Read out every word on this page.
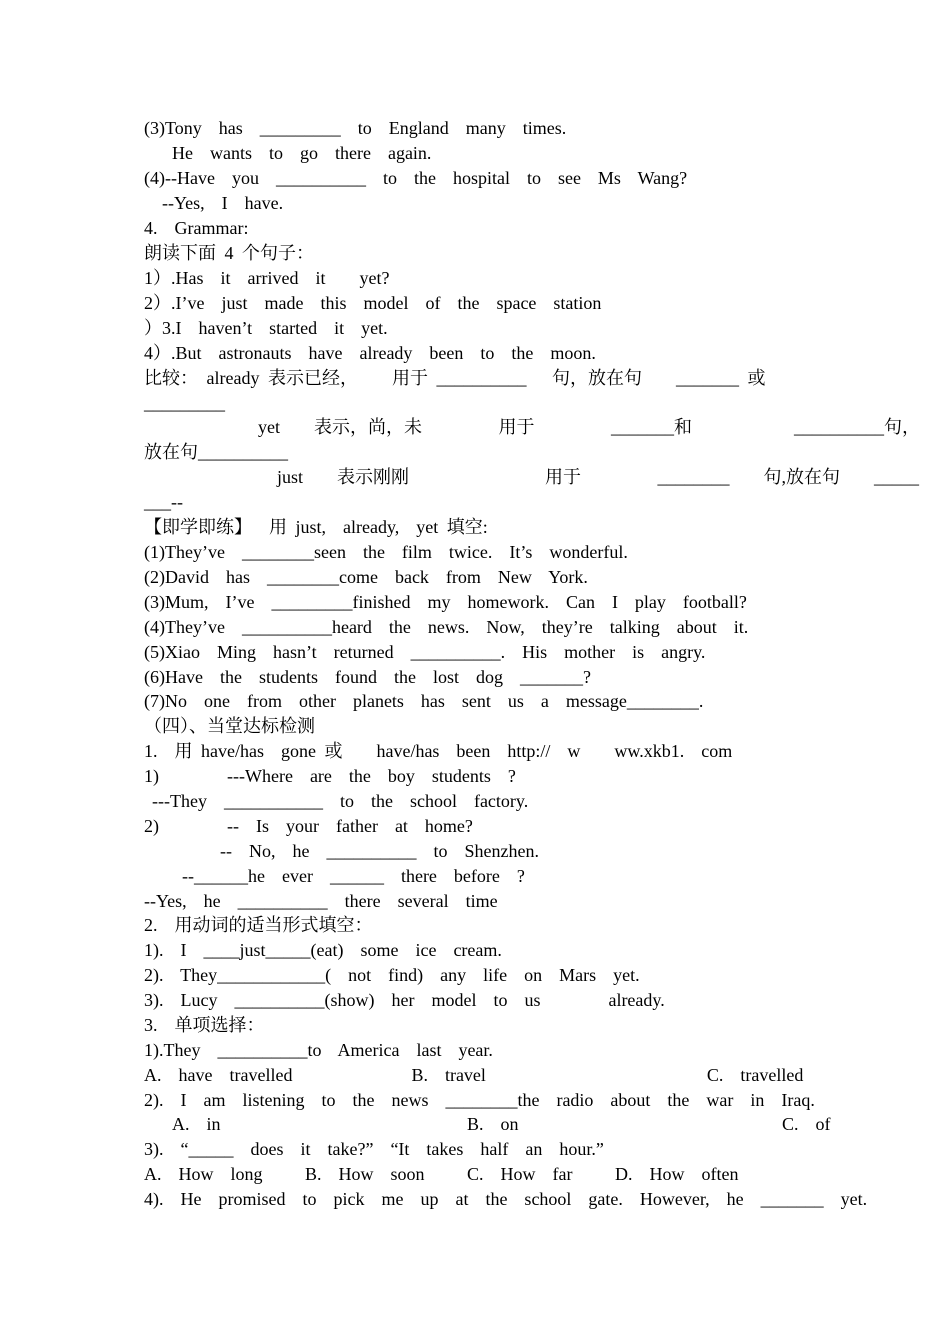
(3)Tony  has  _________  to  England  many  times.
He  wants  to  go  there  again.
(4)--Have  you  __________  to  the  hospital  to  see  Ms  Wang?
--Yes,  I  have.
4.  Grammar:
朗读下面 4 个句子：
1）.Has  it  arrived  it    yet?
2）.I’ve  just  made  this  model  of  the  space  station
）3.I  haven’t  started  it  yet.
4）.But  astronauts  have  already  been  to  the  moon.
比较： already 表示已经，    用于 __________   句，放在句    _______ 或
_________
yet    表示，尚，未         用于         _______和            __________句，
放在句__________
just    表示刚刚                用于         ________    句,放在句    _____
___--
【即学即练】  用 just,  already,  yet 填空:
(1)They’ve  ________seen  the  film  twice.  It’s  wonderful.
(2)David  has  ________come  back  from  New  York.
(3)Mum,  I’ve  _________finished  my  homework.  Can  I  play  football?
(4)They’ve  __________heard  the  news.  Now,  they’re  talking  about  it.
(5)Xiao  Ming  hasn’t  returned  __________.  His  mother  is  angry.
(6)Have  the  students  found  the  lost  dog  _______?
(7)No  one  from  other  planets  has  sent  us  a  message________.
（四）、当堂达标检测
1.  用 have/has  gone 或    have/has  been  http://  w    ww.xkb1.  com
1)        ---Where  are  the  boy  students  ?
---They  ___________  to  the  school  factory.
2)        --  Is  your  father  at  home?
--  No,  he  __________  to  Shenzhen.
--______he  ever  ______  there  before  ?
--Yes,  he  __________  there  several  time
2.  用动词的适当形式填空：
1).  I  ____just_____(eat)  some  ice  cream.
2).  They____________(  not  find)  any  life  on  Mars  yet.
3).  Lucy  __________(show)  her  model  to  us        already.
3.  单项选择：
1).They  __________to  America  last  year.
A.  have  travelled              B.  travel                          C.  travelled
2).  I  am  listening  to  the  news  ________the  radio  about  the  war  in  Iraq.
A.  in                             B.  on                               C.  of
3).  “_____  does  it  take?”  “It  takes  half  an  hour.”
A.  How  long     B.  How  soon     C.  How  far     D.  How  often
4).  He  promised  to  pick  me  up  at  the  school  gate.  However,  he  _______  yet.
